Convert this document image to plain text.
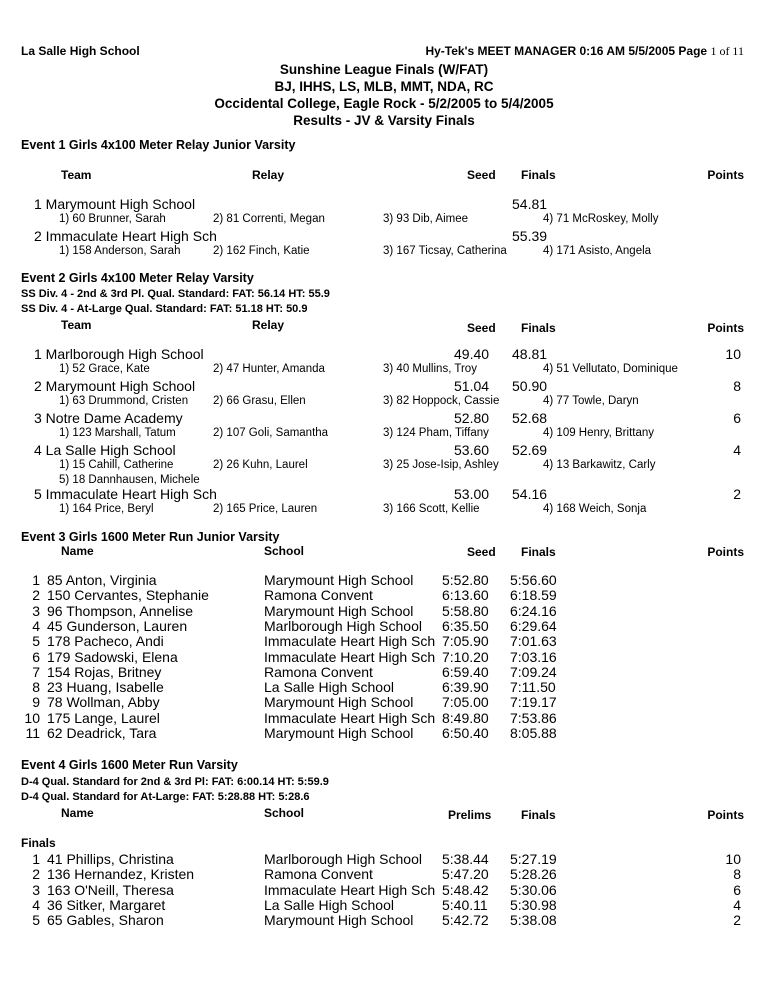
La Salle High School	Hy-Tek's MEET MANAGER 0:16 AM 5/5/2005 Page 1 of 11
Sunshine League Finals (W/FAT)
BJ, IHHS, LS, MLB, MMT, NDA, RC
Occidental College, Eagle Rock - 5/2/2005 to 5/4/2005
Results - JV & Varsity Finals
Event 1 Girls 4x100 Meter Relay Junior Varsity
Team	Relay	Seed Finals	Points
1 Marymount High School	54.81
1) 60 Brunner, Sarah	2) 81 Correnti, Megan	3) 93 Dib, Aimee	4) 71 McRoskey, Molly
2 Immaculate Heart High Sch	55.39
1) 158 Anderson, Sarah	2) 162 Finch, Katie	3) 167 Ticsay, Catherina	4) 171 Asisto, Angela
Event 2 Girls 4x100 Meter Relay Varsity
SS Div. 4 - 2nd & 3rd Pl. Qual. Standard: FAT: 56.14 HT: 55.9
SS Div. 4 - At-Large Qual. Standard: FAT: 51.18 HT: 50.9
Team	Relay	Seed Finals	Points
1 Marlborough High School	49.40 48.81	10
1) 52 Grace, Kate	2) 47 Hunter, Amanda	3) 40 Mullins, Troy	4) 51 Vellutato, Dominique
2 Marymount High School	51.04 50.90	8
1) 63 Drummond, Cristen 2) 66 Grasu, Ellen	3) 82 Hoppock, Cassie	4) 77 Towle, Daryn
3 Notre Dame Academy	52.80 52.68	6
1) 123 Marshall, Tatum	2) 107 Goli, Samantha	3) 124 Pham, Tiffany	4) 109 Henry, Brittany
4 La Salle High School	53.60 52.69	4
1) 15 Cahill, Catherine	2) 26 Kuhn, Laurel	3) 25 Jose-Isip, Ashley	4) 13 Barkawitz, Carly
5) 18 Dannhausen, Michele
5 Immaculate Heart High Sch	53.00 54.16	2
1) 164 Price, Beryl	2) 165 Price, Lauren	3) 166 Scott, Kellie	4) 168 Weich, Sonja
Event 3 Girls 1600 Meter Run Junior Varsity
Name	School	Seed Finals	Points
1 85 Anton, Virginia	Marymount High School 5:52.80 5:56.60
2 150 Cervantes, Stephanie	Ramona Convent	6:13.60 6:18.59
3 96 Thompson, Annelise	Marymount High School 5:58.80 6:24.16
4 45 Gunderson, Lauren	Marlborough High School 6:35.50 6:29.64
5 178 Pacheco, Andi	Immaculate Heart High Sch 7:05.90 7:01.63
6 179 Sadowski, Elena	Immaculate Heart High Sch 7:10.20 7:03.16
7 154 Rojas, Britney	Ramona Convent	6:59.40 7:09.24
8 23 Huang, Isabelle	La Salle High School	6:39.90 7:11.50
9 78 Wollman, Abby	Marymount High School 7:05.00 7:19.17
10 175 Lange, Laurel	Immaculate Heart High Sch 8:49.80 7:53.86
11 62 Deadrick, Tara	Marymount High School 6:50.40 8:05.88
Event 4 Girls 1600 Meter Run Varsity
D-4 Qual. Standard for 2nd & 3rd Pl: FAT: 6:00.14 HT: 5:59.9
D-4 Qual. Standard for At-Large: FAT: 5:28.88 HT: 5:28.6
Name	School	Prelims Finals	Points
Finals
1 41 Phillips, Christina	Marlborough High School 5:38.44 5:27.19	10
2 136 Hernandez, Kristen	Ramona Convent	5:47.20 5:28.26	8
3 163 O'Neill, Theresa	Immaculate Heart High Sch 5:48.42 5:30.06	6
4 36 Sitker, Margaret	La Salle High School	5:40.11 5:30.98	4
5 65 Gables, Sharon	Marymount High School 5:42.72 5:38.08	2
